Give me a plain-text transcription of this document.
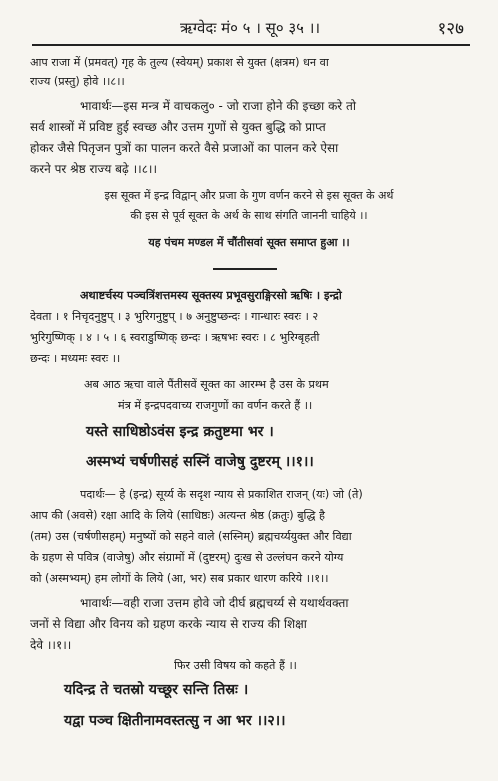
ऋग्वेदः मं० ५ । सू० ३५ ।।	१२७
आप राजा में (प्रमवत्) गृह के तुल्य (स्वेयम्) प्रकाश से युक्त (क्षत्रम) धन वा
राज्य (प्रस्तु) होवे ।।८।।
भावार्थः—इस मन्त्र में वाचकलु० - जो राजा होने की इच्छा करे तो
सर्व शास्त्रों में प्रविष्ट हुई स्वच्छ और उत्तम गुणों से युक्त बुद्धि को प्राप्त
होकर जैसे पितृजन पुत्रों का पालन करते वैसे प्रजाओं का पालन करे ऐसा
करने पर श्रेष्ठ राज्य बढ़े ।।८।।
इस सूक्त में इन्द्र विद्वान् और प्रजा के गुण वर्णन करने से इस सूक्त के अर्थ
की इस से पूर्व सूक्त के अर्थ के साथ संगति जाननी चाहिये ।।
यह पंचम मण्डल में चौंतीसवां सूक्त समाप्त हुआ ।।
अथाष्टर्चस्य पञ्चत्रिंशत्तमस्य सूक्तस्य प्रभूवसुराङ्गिरसो ऋषिः । इन्द्रो
देवता । १ निचृदनुष्टुप् । ३ भुरिगनुष्टुप् । ७ अनुष्टुप्छन्दः । गान्धारः स्वरः । २
भुरिगुष्णिक् । ४ । ५ । ६ स्वराडुष्णिक् छन्दः । ऋषभः स्वरः । ८ भुरिग्बृहती
छन्दः । मध्यमः स्वरः ।।
अब आठ ऋचा वाले पैंतीसवें सूक्त का आरम्भ है उस के प्रथम
मंत्र में इन्द्रपदवाच्य राजगुणों का वर्णन करते हैं ।।
यस्ते साधिष्ठोऽवंस इन्द्र क्रतुष्टमा भर ।
अस्मभ्यं चर्षणीसहं सस्निं वाजेषु दुष्टरम् ।।१।।
पदार्थः— हे (इन्द्र) सूर्य्य के सदृश न्याय से प्रकाशित राजन् (यः) जो (ते)
आप की (अवसे) रक्षा आदि के लिये (साधिष्ठः) अत्यन्त श्रेष्ठ (क्रतुः) बुद्धि है
(तम) उस (चर्षणीसहम्) मनुष्यों को सहने वाले (सस्निम्) ब्रह्मचर्य्ययुक्त और विद्या
के ग्रहण से पवित्र (वाजेषु) और संग्रामों में (दुष्टरम्) दुःख से उल्लंघन करने योग्य
को (अस्मभ्यम्) हम लोगों के लिये (आ, भर) सब प्रकार धारण करिये ।।१।।
भावार्थः—वही राजा उत्तम होवे जो दीर्घ ब्रह्मचर्य्य से यथार्थवक्ता
जनों से विद्या और विनय को ग्रहण करके न्याय से राज्य की शिक्षा
देवे ।।१।।
फिर उसी विषय को कहते हैं ।।
यदिन्द्र ते चतस्रो यच्छूर सन्ति तिस्रः ।
यद्वा पञ्च क्षितीनामवस्तत्सु न आ भर ।।२।।
